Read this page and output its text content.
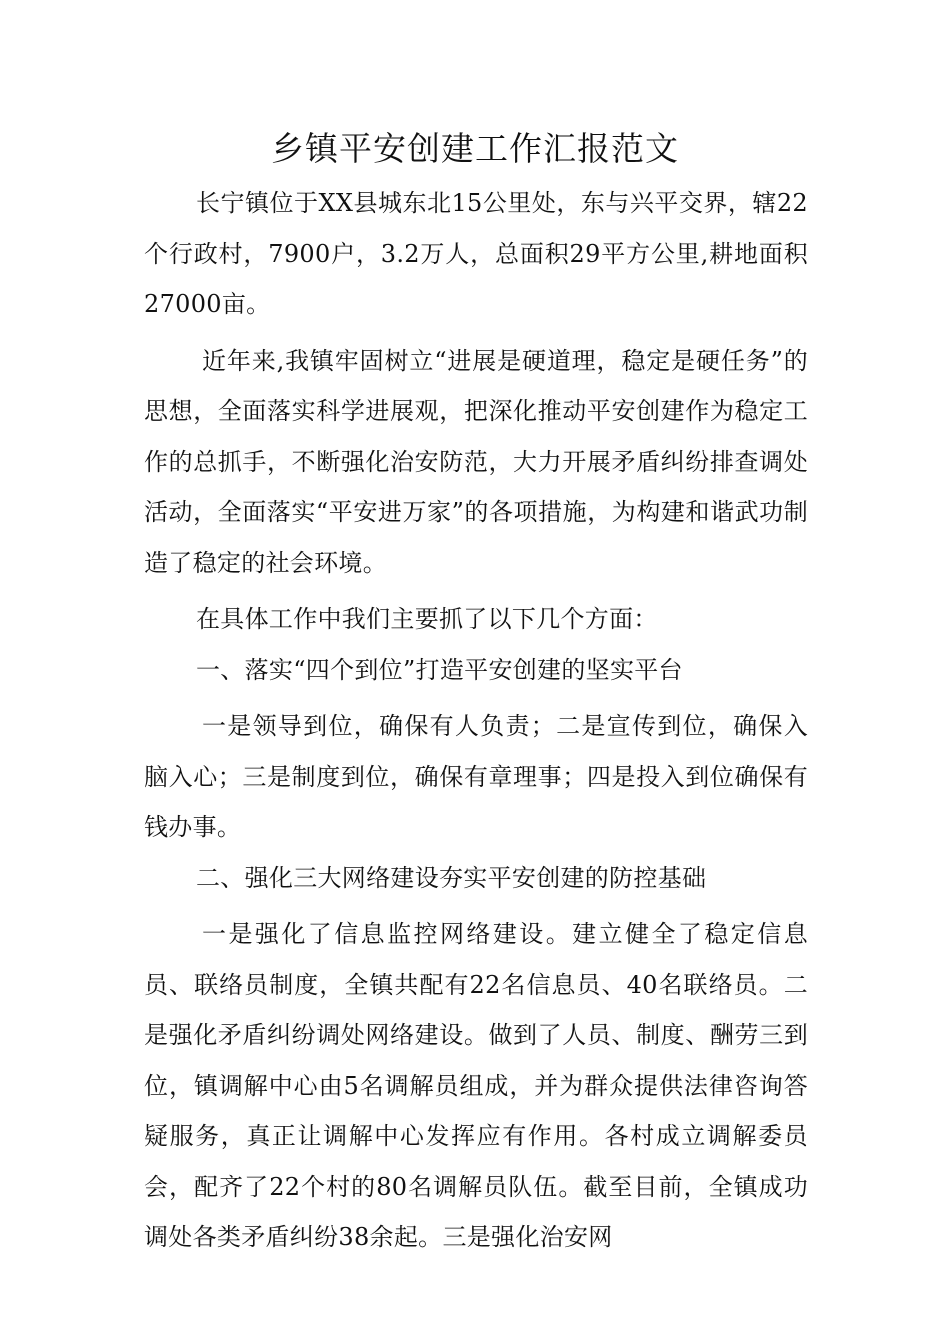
乡镇平安创建工作汇报范文

长宁镇位于XX县城东北15公里处，东与兴平交界，辖22个行政村，7900户，3.2万人，总面积29平方公里,耕地面积27000亩。

近年来,我镇牢固树立“进展是硬道理，稳定是硬任务”的思想，全面落实科学进展观，把深化推动平安创建作为稳定工作的总抓手，不断强化治安防范，大力开展矛盾纠纷排查调处活动，全面落实“平安进万家”的各项措施，为构建和谐武功制造了稳定的社会环境。

在具体工作中我们主要抓了以下几个方面：

一、落实“四个到位”打造平安创建的坚实平台

一是领导到位，确保有人负责；二是宣传到位，确保入脑入心；三是制度到位，确保有章理事；四是投入到位确保有钱办事。

二、强化三大网络建设夯实平安创建的防控基础

一是强化了信息监控网络建设。建立健全了稳定信息员、联络员制度，全镇共配有22名信息员、40名联络员。二是强化矛盾纠纷调处网络建设。做到了人员、制度、酬劳三到位，镇调解中心由5名调解员组成，并为群众提供法律咨询答疑服务，真正让调解中心发挥应有作用。各村成立调解委员会，配齐了22个村的80名调解员队伍。截至目前，全镇成功调处各类矛盾纠纷38余起。三是强化治安网
